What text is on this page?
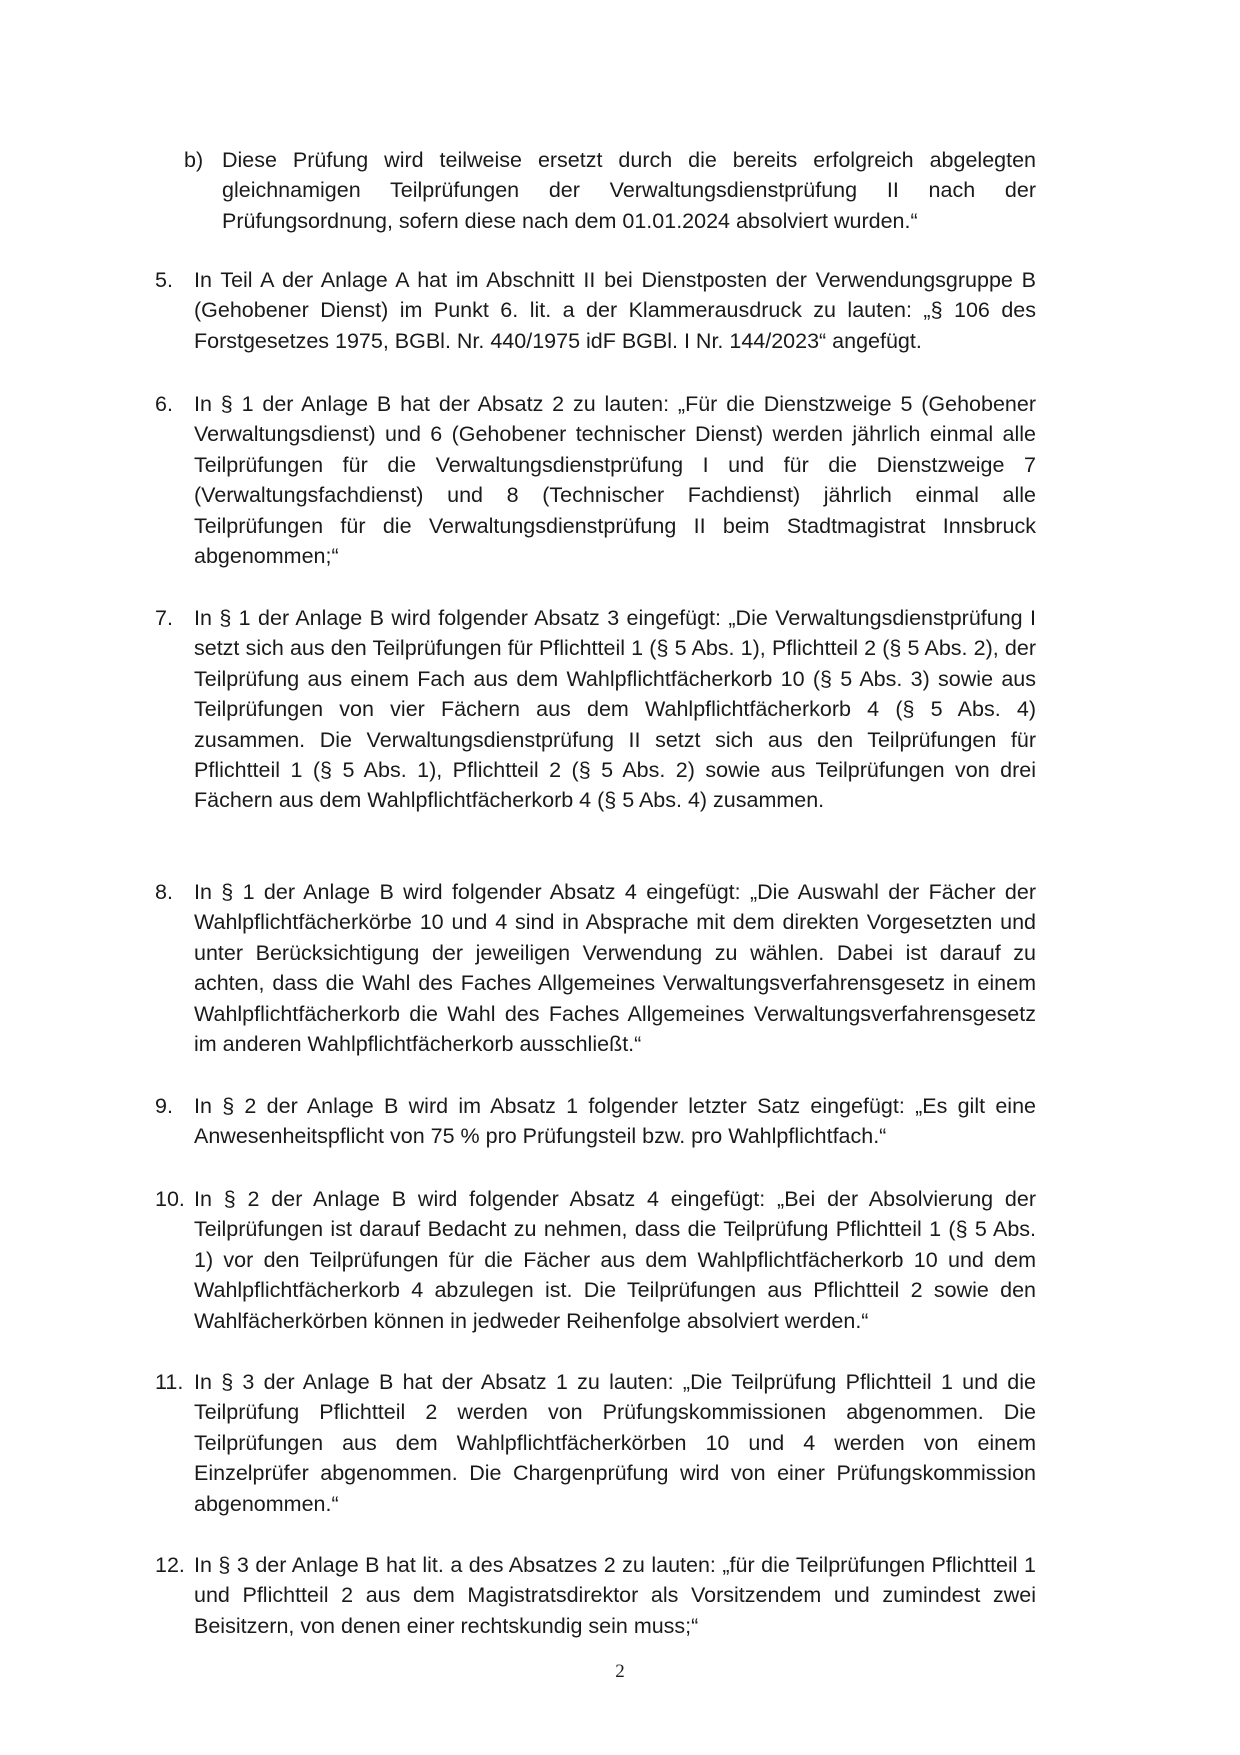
b) Diese Prüfung wird teilweise ersetzt durch die bereits erfolgreich abgelegten gleichnamigen Teilprüfungen der Verwaltungsdienstprüfung II nach der Prüfungsordnung, sofern diese nach dem 01.01.2024 absolviert wurden.“
5. In Teil A der Anlage A hat im Abschnitt II bei Dienstposten der Verwendungsgruppe B (Gehobener Dienst) im Punkt 6. lit. a der Klammerausdruck zu lauten: „§ 106 des Forstgesetzes 1975, BGBl. Nr. 440/1975 idF BGBl. I Nr. 144/2023“ angefügt.
6. In § 1 der Anlage B hat der Absatz 2 zu lauten: „Für die Dienstzweige 5 (Gehobener Verwaltungsdienst) und 6 (Gehobener technischer Dienst) werden jährlich einmal alle Teilprüfungen für die Verwaltungsdienstprüfung I und für die Dienstzweige 7 (Verwaltungsfachdienst) und 8 (Technischer Fachdienst) jährlich einmal alle Teilprüfungen für die Verwaltungsdienstprüfung II beim Stadtmagistrat Innsbruck abgenommen;“
7. In § 1 der Anlage B wird folgender Absatz 3 eingefügt: „Die Verwaltungsdienstprüfung I setzt sich aus den Teilprüfungen für Pflichtteil 1 (§ 5 Abs. 1), Pflichtteil 2 (§ 5 Abs. 2), der Teilprüfung aus einem Fach aus dem Wahlpflichtfächerkorb 10 (§ 5 Abs. 3) sowie aus Teilprüfungen von vier Fächern aus dem Wahlpflichtfächerkorb 4 (§ 5 Abs. 4) zusammen. Die Verwaltungsdienstprüfung II setzt sich aus den Teilprüfungen für Pflichtteil 1 (§ 5 Abs. 1), Pflichtteil 2 (§ 5 Abs. 2) sowie aus Teilprüfungen von drei Fächern aus dem Wahlpflichtfächerkorb 4 (§ 5 Abs. 4) zusammen.
8. In § 1 der Anlage B wird folgender Absatz 4 eingefügt: „Die Auswahl der Fächer der Wahlpflichtfächerkörbe 10 und 4 sind in Absprache mit dem direkten Vorgesetzten und unter Berücksichtigung der jeweiligen Verwendung zu wählen. Dabei ist darauf zu achten, dass die Wahl des Faches Allgemeines Verwaltungsverfahrensgesetz in einem Wahlpflichtfächerkorb die Wahl des Faches Allgemeines Verwaltungsverfahrensgesetz im anderen Wahlpflichtfächerkorb ausschließt.“
9. In § 2 der Anlage B wird im Absatz 1 folgender letzter Satz eingefügt: „Es gilt eine Anwesenheitspflicht von 75 % pro Prüfungsteil bzw. pro Wahlpflichtfach.“
10. In § 2 der Anlage B wird folgender Absatz 4 eingefügt: „Bei der Absolvierung der Teilprüfungen ist darauf Bedacht zu nehmen, dass die Teilprüfung Pflichtteil 1 (§ 5 Abs. 1) vor den Teilprüfungen für die Fächer aus dem Wahlpflichtfächerkorb 10 und dem Wahlpflichtfächerkorb 4 abzulegen ist. Die Teilprüfungen aus Pflichtteil 2 sowie den Wahlfächerkörben können in jedweder Reihenfolge absolviert werden.“
11. In § 3 der Anlage B hat der Absatz 1 zu lauten: „Die Teilprüfung Pflichtteil 1 und die Teilprüfung Pflichtteil 2 werden von Prüfungskommissionen abgenommen. Die Teilprüfungen aus dem Wahlpflichtfächerkörben 10 und 4 werden von einem Einzelprüfer abgenommen. Die Chargenprüfung wird von einer Prüfungskommission abgenommen.“
12. In § 3 der Anlage B hat lit. a des Absatzes 2 zu lauten: „für die Teilprüfungen Pflichtteil 1 und Pflichtteil 2 aus dem Magistratsdirektor als Vorsitzendem und zumindest zwei Beisitzern, von denen einer rechtskundig sein muss;“
2
